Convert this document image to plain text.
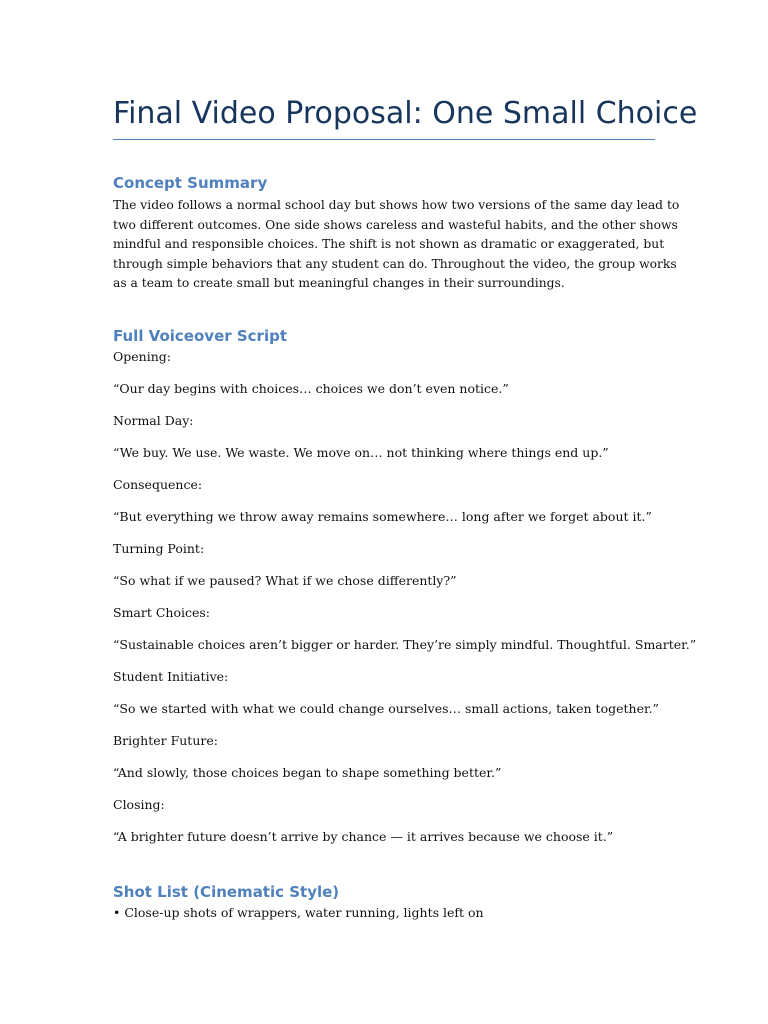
Final Video Proposal: One Small Choice
Concept Summary

The video follows a normal school day but shows how two versions of the same day lead to
two different outcomes. One side shows careless and wasteful habits, and the other shows
mindful and responsible choices. The shift is not shown as dramatic or exaggerated, but
through simple behaviors that any student can do. Throughout the video, the group works
as a team to create small but meaningful changes in their surroundings.

Full Voiceover Script

Opening:

“Our day begins with choices… choices we don’t even notice.”

Normal Day:

“We buy. We use. We waste. We move on… not thinking where things end up.”

Consequence:

“But everything we throw away remains somewhere… long after we forget about it.”

Turning Point:

“So what if we paused? What if we chose differently?”

Smart Choices:

“Sustainable choices aren’t bigger or harder. They’re simply mindful. Thoughtful. Smarter.”

Student Initiative:

“So we started with what we could change ourselves… small actions, taken together.”

Brighter Future:

“And slowly, those choices began to shape something better.”

Closing:

“A brighter future doesn’t arrive by chance — it arrives because we choose it.”

Shot List (Cinematic Style)

• Close-up shots of wrappers, water running, lights left on
